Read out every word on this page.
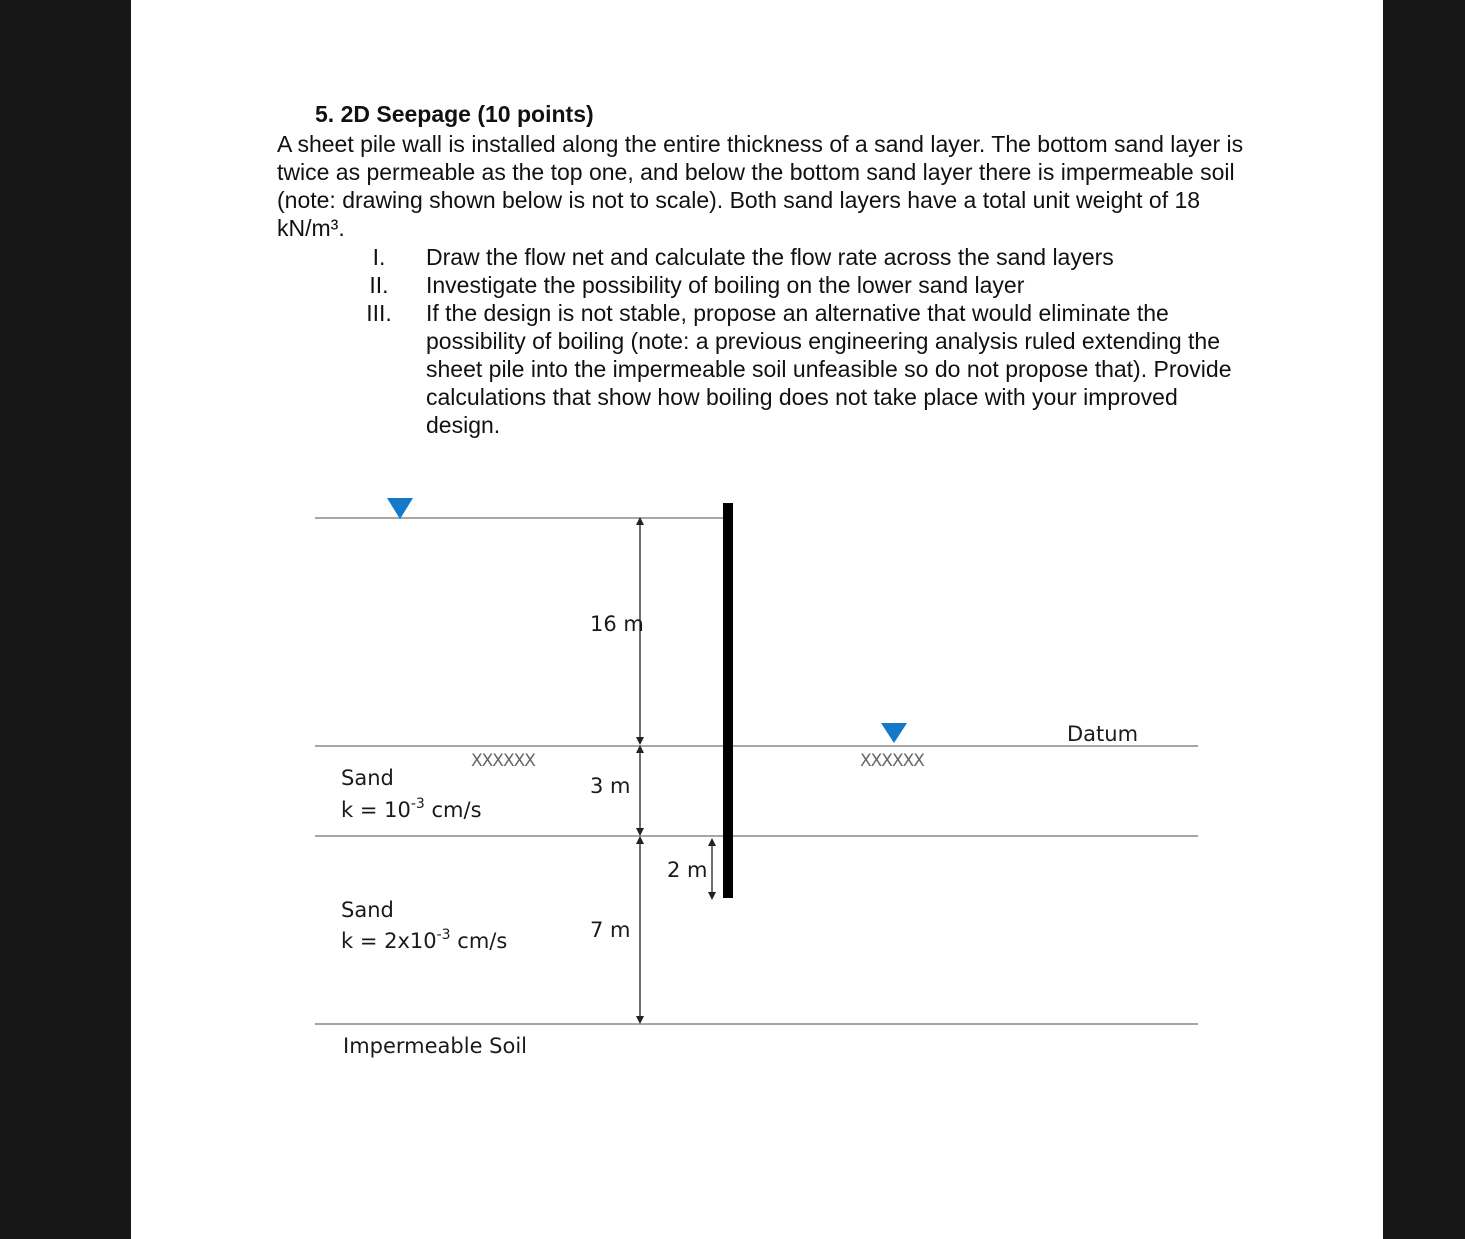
5. 2D Seepage (10 points)
A sheet pile wall is installed along the entire thickness of a sand layer. The bottom sand layer is twice as permeable as the top one, and below the bottom sand layer there is impermeable soil (note: drawing shown below is not to scale). Both sand layers have a total unit weight of 18 kN/m³.
I.	Draw the flow net and calculate the flow rate across the sand layers
II.	Investigate the possibility of boiling on the lower sand layer
III.	If the design is not stable, propose an alternative that would eliminate the possibility of boiling (note: a previous engineering analysis ruled extending the sheet pile into the impermeable soil unfeasible so do not propose that). Provide calculations that show how boiling does not take place with your improved design.
16 m
3 m
7 m
2 m
Datum
XXXXXX	XXXXXX
Sand
$k = 10^{-3}$ cm/s
Sand
$k = 2x10^{-3}$ cm/s
Impermeable Soil
